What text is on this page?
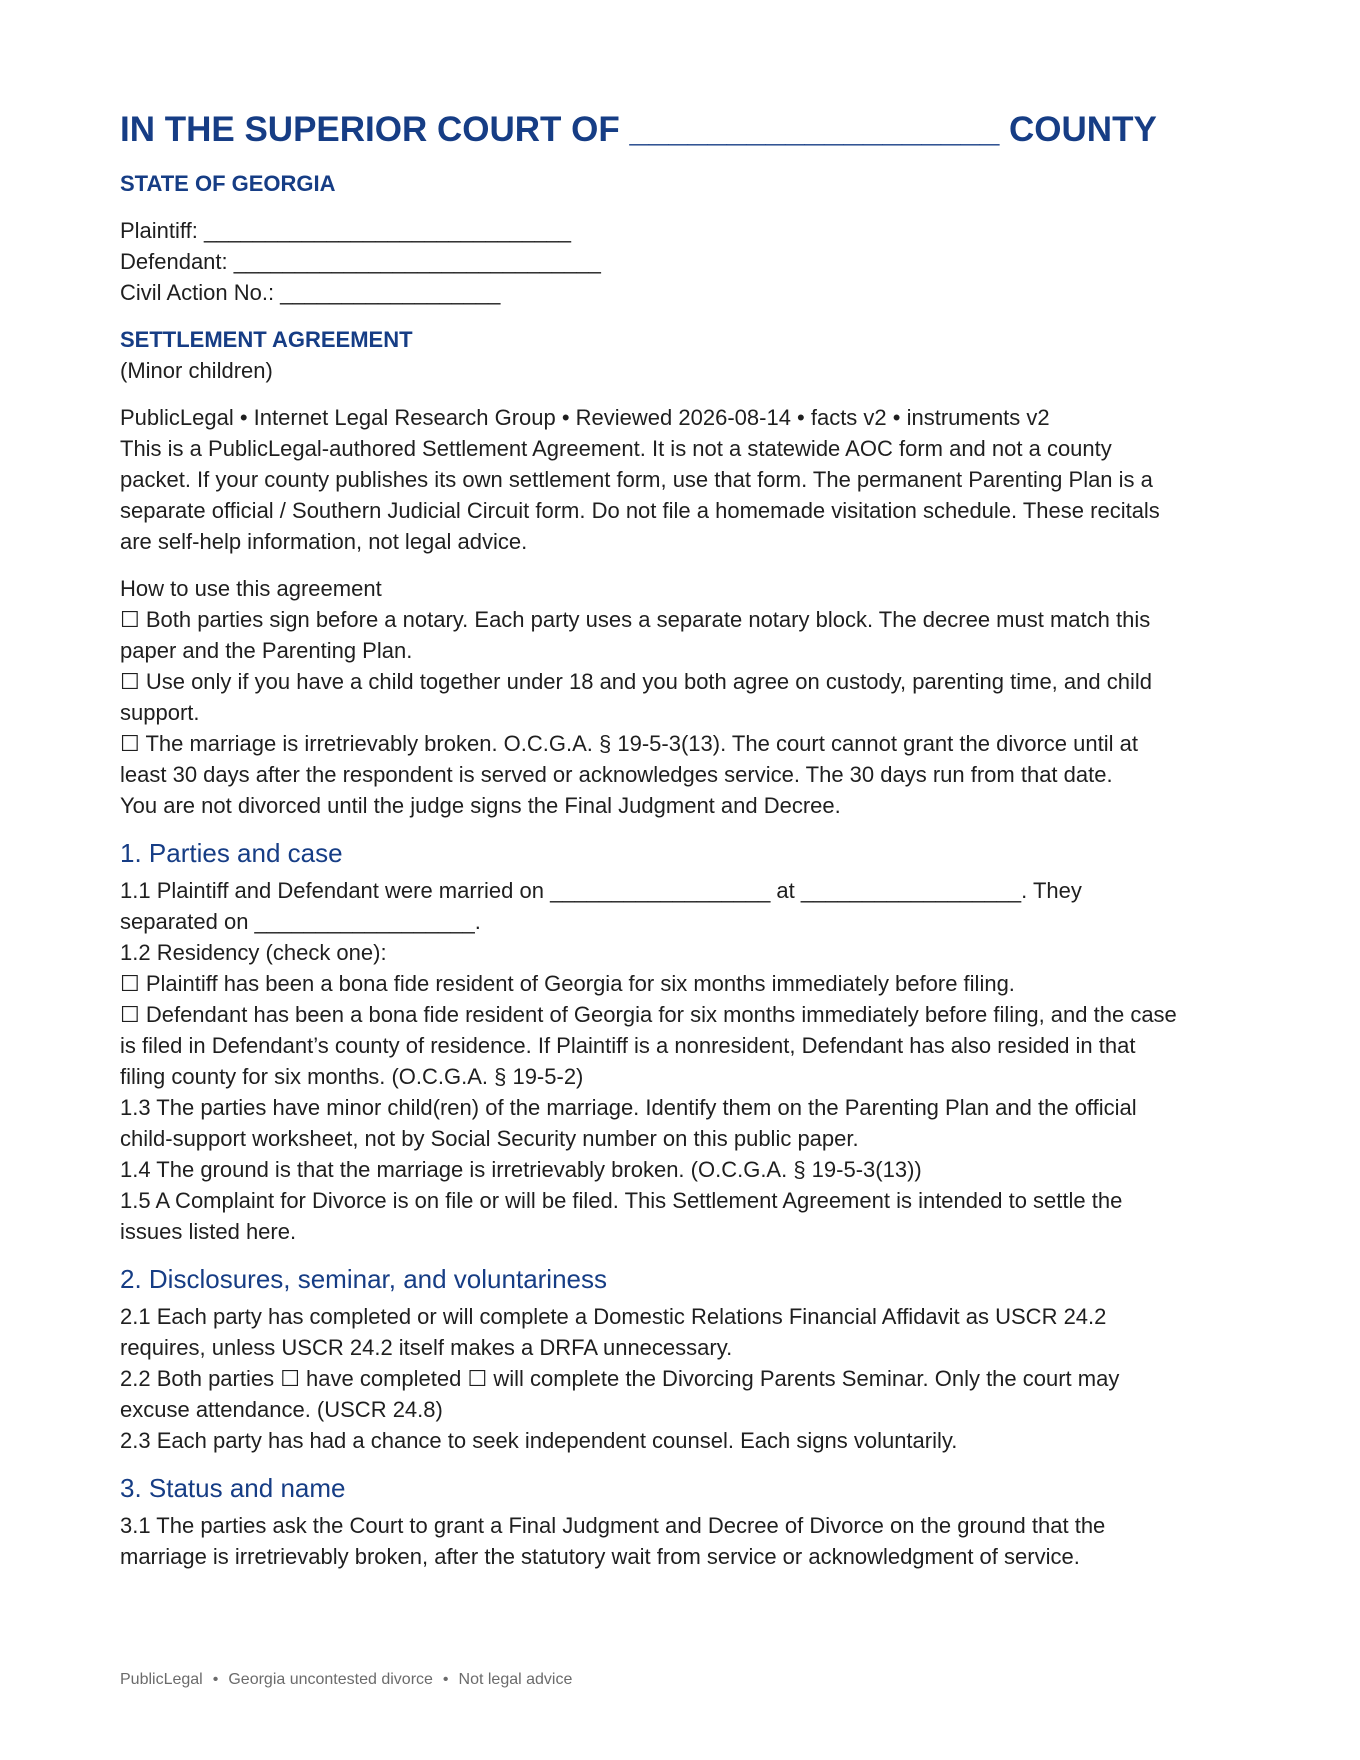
IN THE SUPERIOR COURT OF ___________________ COUNTY
STATE OF GEORGIA
Plaintiff: ______________________________
Defendant: ______________________________
Civil Action No.: __________________
SETTLEMENT AGREEMENT
(Minor children)
PublicLegal • Internet Legal Research Group • Reviewed 2026-08-14 • facts v2 • instruments v2
This is a PublicLegal-authored Settlement Agreement. It is not a statewide AOC form and not a county
packet. If your county publishes its own settlement form, use that form. The permanent Parenting Plan is a
separate official / Southern Judicial Circuit form. Do not file a homemade visitation schedule. These recitals
are self-help information, not legal advice.
How to use this agreement
☐ Both parties sign before a notary. Each party uses a separate notary block. The decree must match this
paper and the Parenting Plan.
☐ Use only if you have a child together under 18 and you both agree on custody, parenting time, and child
support.
☐ The marriage is irretrievably broken. O.C.G.A. § 19-5-3(13). The court cannot grant the divorce until at
least 30 days after the respondent is served or acknowledges service. The 30 days run from that date.
You are not divorced until the judge signs the Final Judgment and Decree.
1. Parties and case
1.1 Plaintiff and Defendant were married on __________________ at __________________. They
separated on __________________.
1.2 Residency (check one):
☐ Plaintiff has been a bona fide resident of Georgia for six months immediately before filing.
☐ Defendant has been a bona fide resident of Georgia for six months immediately before filing, and the case
is filed in Defendant’s county of residence. If Plaintiff is a nonresident, Defendant has also resided in that
filing county for six months. (O.C.G.A. § 19-5-2)
1.3 The parties have minor child(ren) of the marriage. Identify them on the Parenting Plan and the official
child-support worksheet, not by Social Security number on this public paper.
1.4 The ground is that the marriage is irretrievably broken. (O.C.G.A. § 19-5-3(13))
1.5 A Complaint for Divorce is on file or will be filed. This Settlement Agreement is intended to settle the
issues listed here.
2. Disclosures, seminar, and voluntariness
2.1 Each party has completed or will complete a Domestic Relations Financial Affidavit as USCR 24.2
requires, unless USCR 24.2 itself makes a DRFA unnecessary.
2.2 Both parties ☐ have completed ☐ will complete the Divorcing Parents Seminar. Only the court may
excuse attendance. (USCR 24.8)
2.3 Each party has had a chance to seek independent counsel. Each signs voluntarily.
3. Status and name
3.1 The parties ask the Court to grant a Final Judgment and Decree of Divorce on the ground that the
marriage is irretrievably broken, after the statutory wait from service or acknowledgment of service.
PublicLegal • Georgia uncontested divorce • Not legal advice
